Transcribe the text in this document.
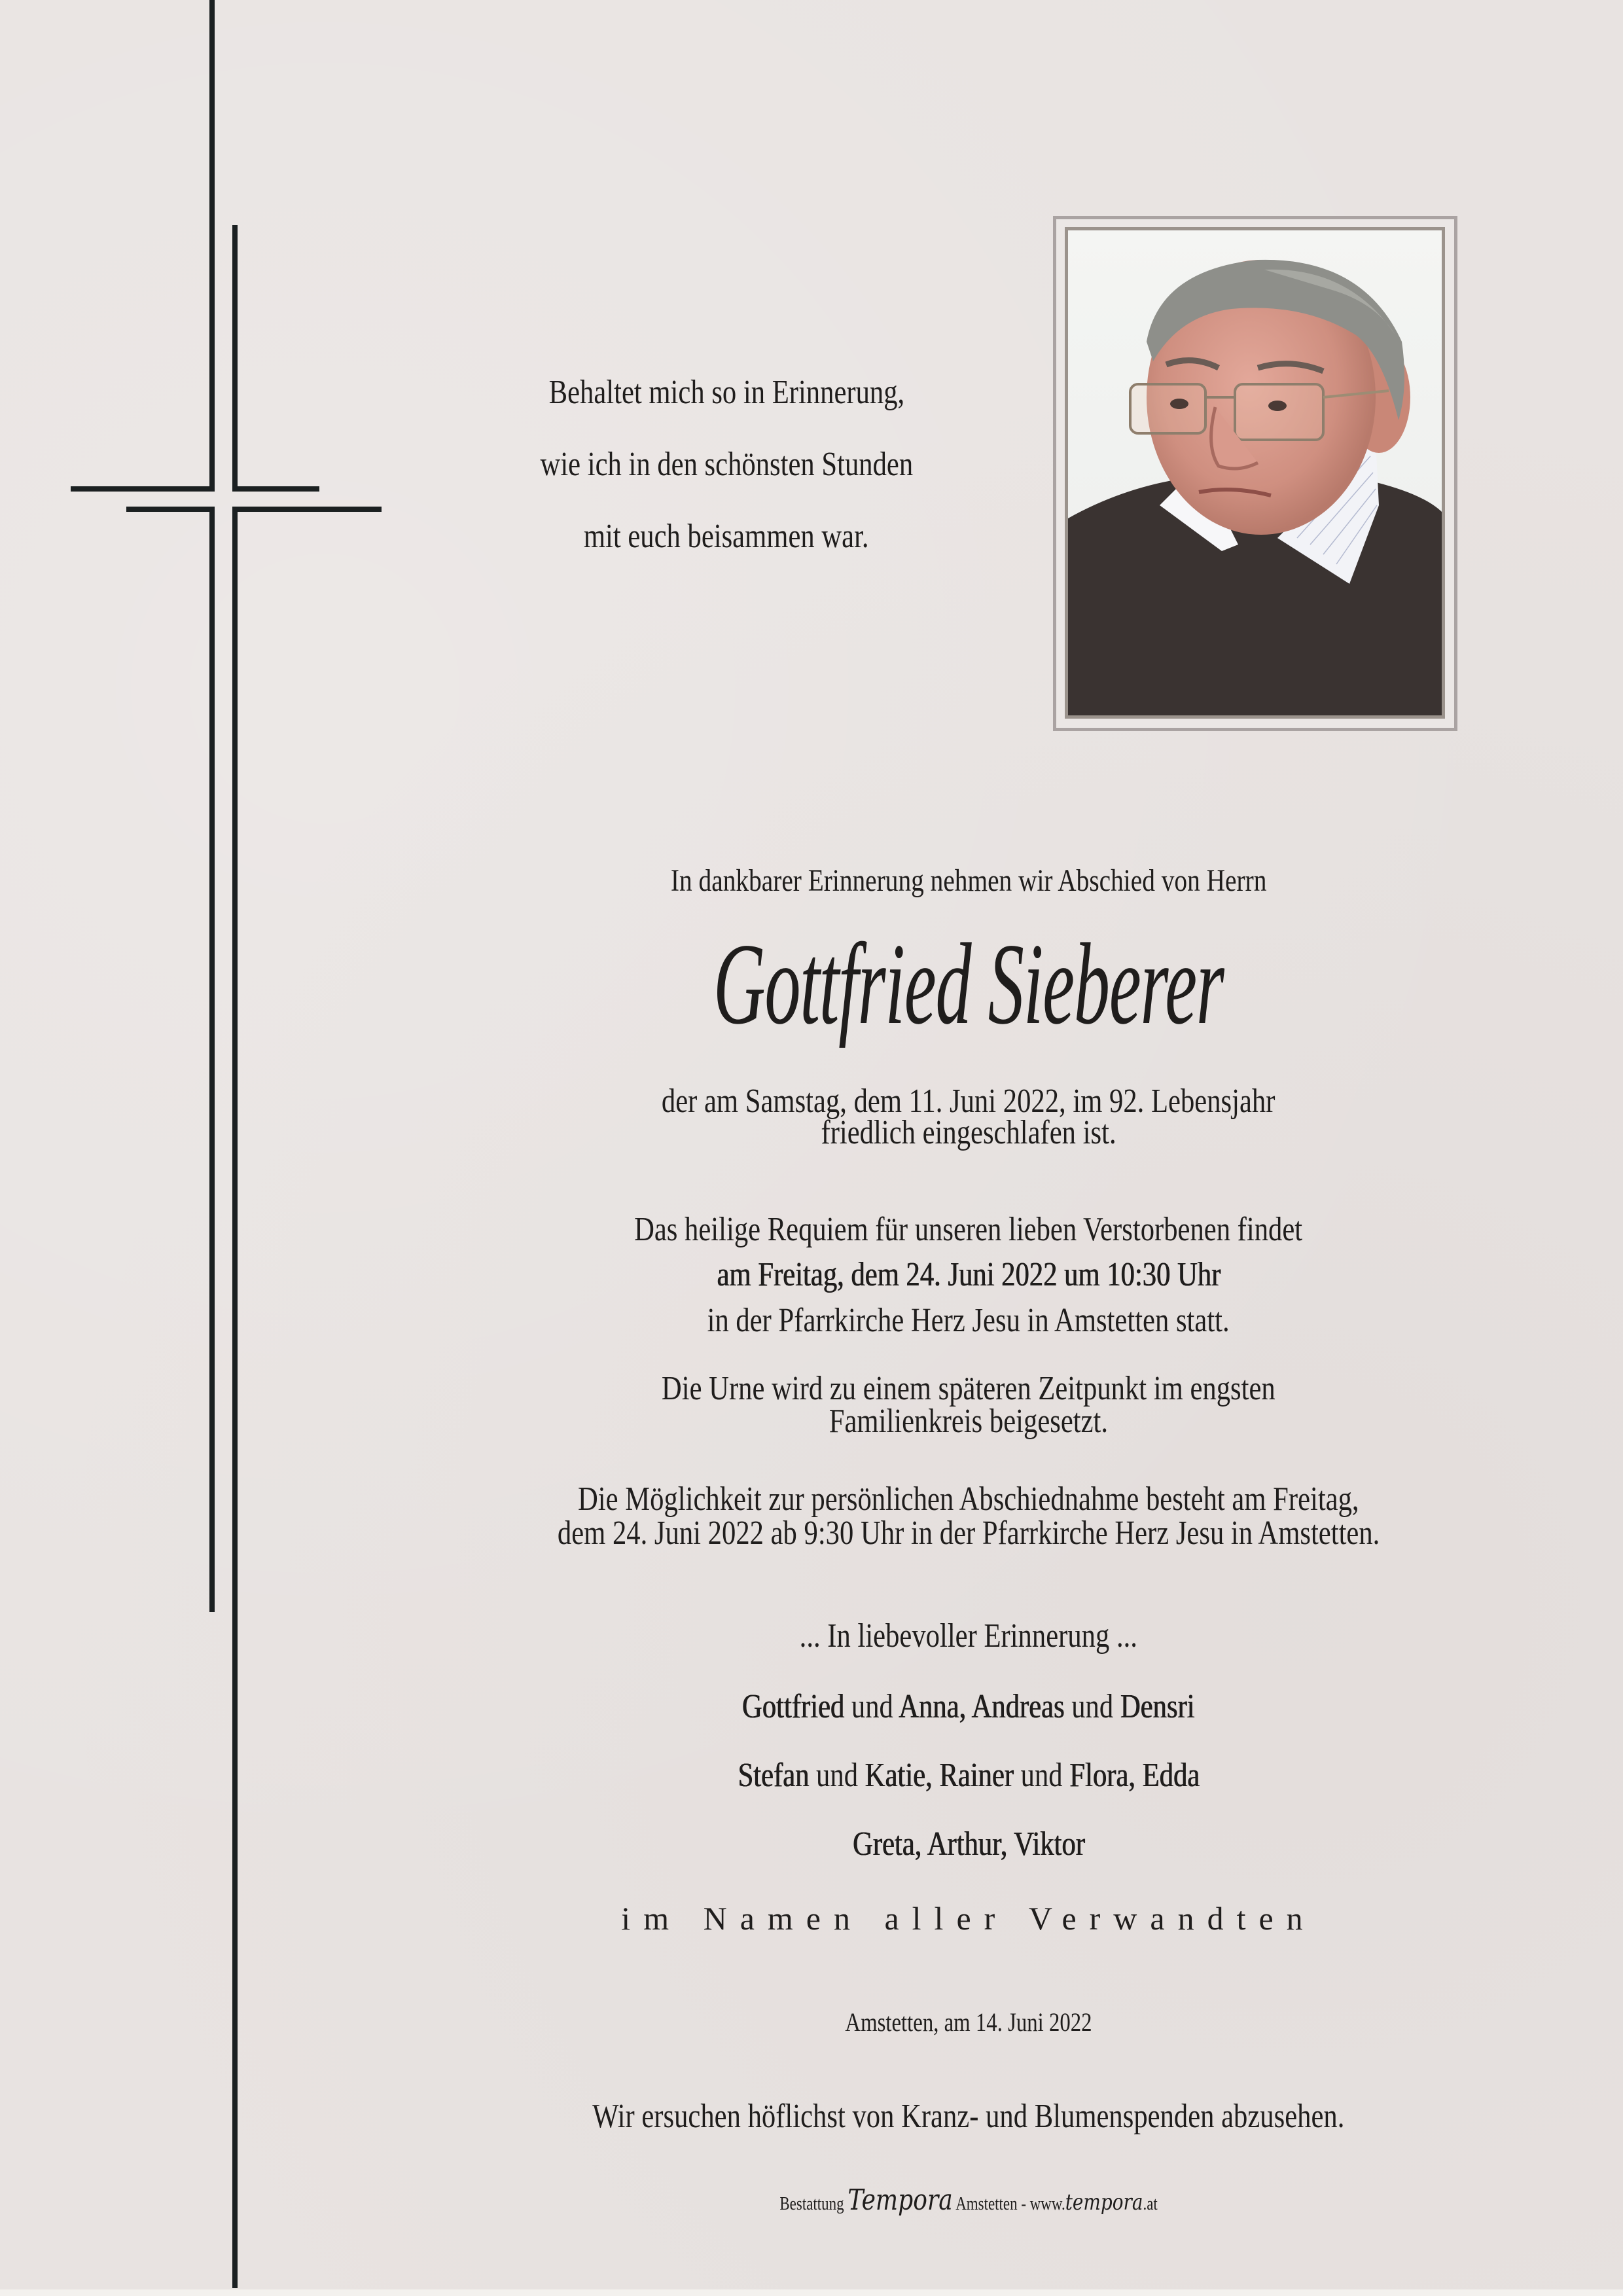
Behaltet mich so in Erinnerung,
wie ich in den schönsten Stunden
mit euch beisammen war.
In dankbarer Erinnerung nehmen wir Abschied von Herrn
Gottfried Sieberer
der am Samstag, dem 11. Juni 2022, im 92. Lebensjahr
friedlich eingeschlafen ist.
Das heilige Requiem für unseren lieben Verstorbenen findet
am Freitag, dem 24. Juni 2022 um 10:30 Uhr
in der Pfarrkirche Herz Jesu in Amstetten statt.
Die Urne wird zu einem späteren Zeitpunkt im engsten
Familienkreis beigesetzt.
Die Möglichkeit zur persönlichen Abschiednahme besteht am Freitag,
dem 24. Juni 2022 ab 9:30 Uhr in der Pfarrkirche Herz Jesu in Amstetten.
... In liebevoller Erinnerung ...
Gottfried und Anna, Andreas und Densri
Stefan und Katie, Rainer und Flora, Edda
Greta, Arthur, Viktor
im Namen aller Verwandten
Amstetten, am 14. Juni 2022
Wir ersuchen höflichst von Kranz- und Blumenspenden abzusehen.
Bestattung Tempora Amstetten - www.tempora.at
